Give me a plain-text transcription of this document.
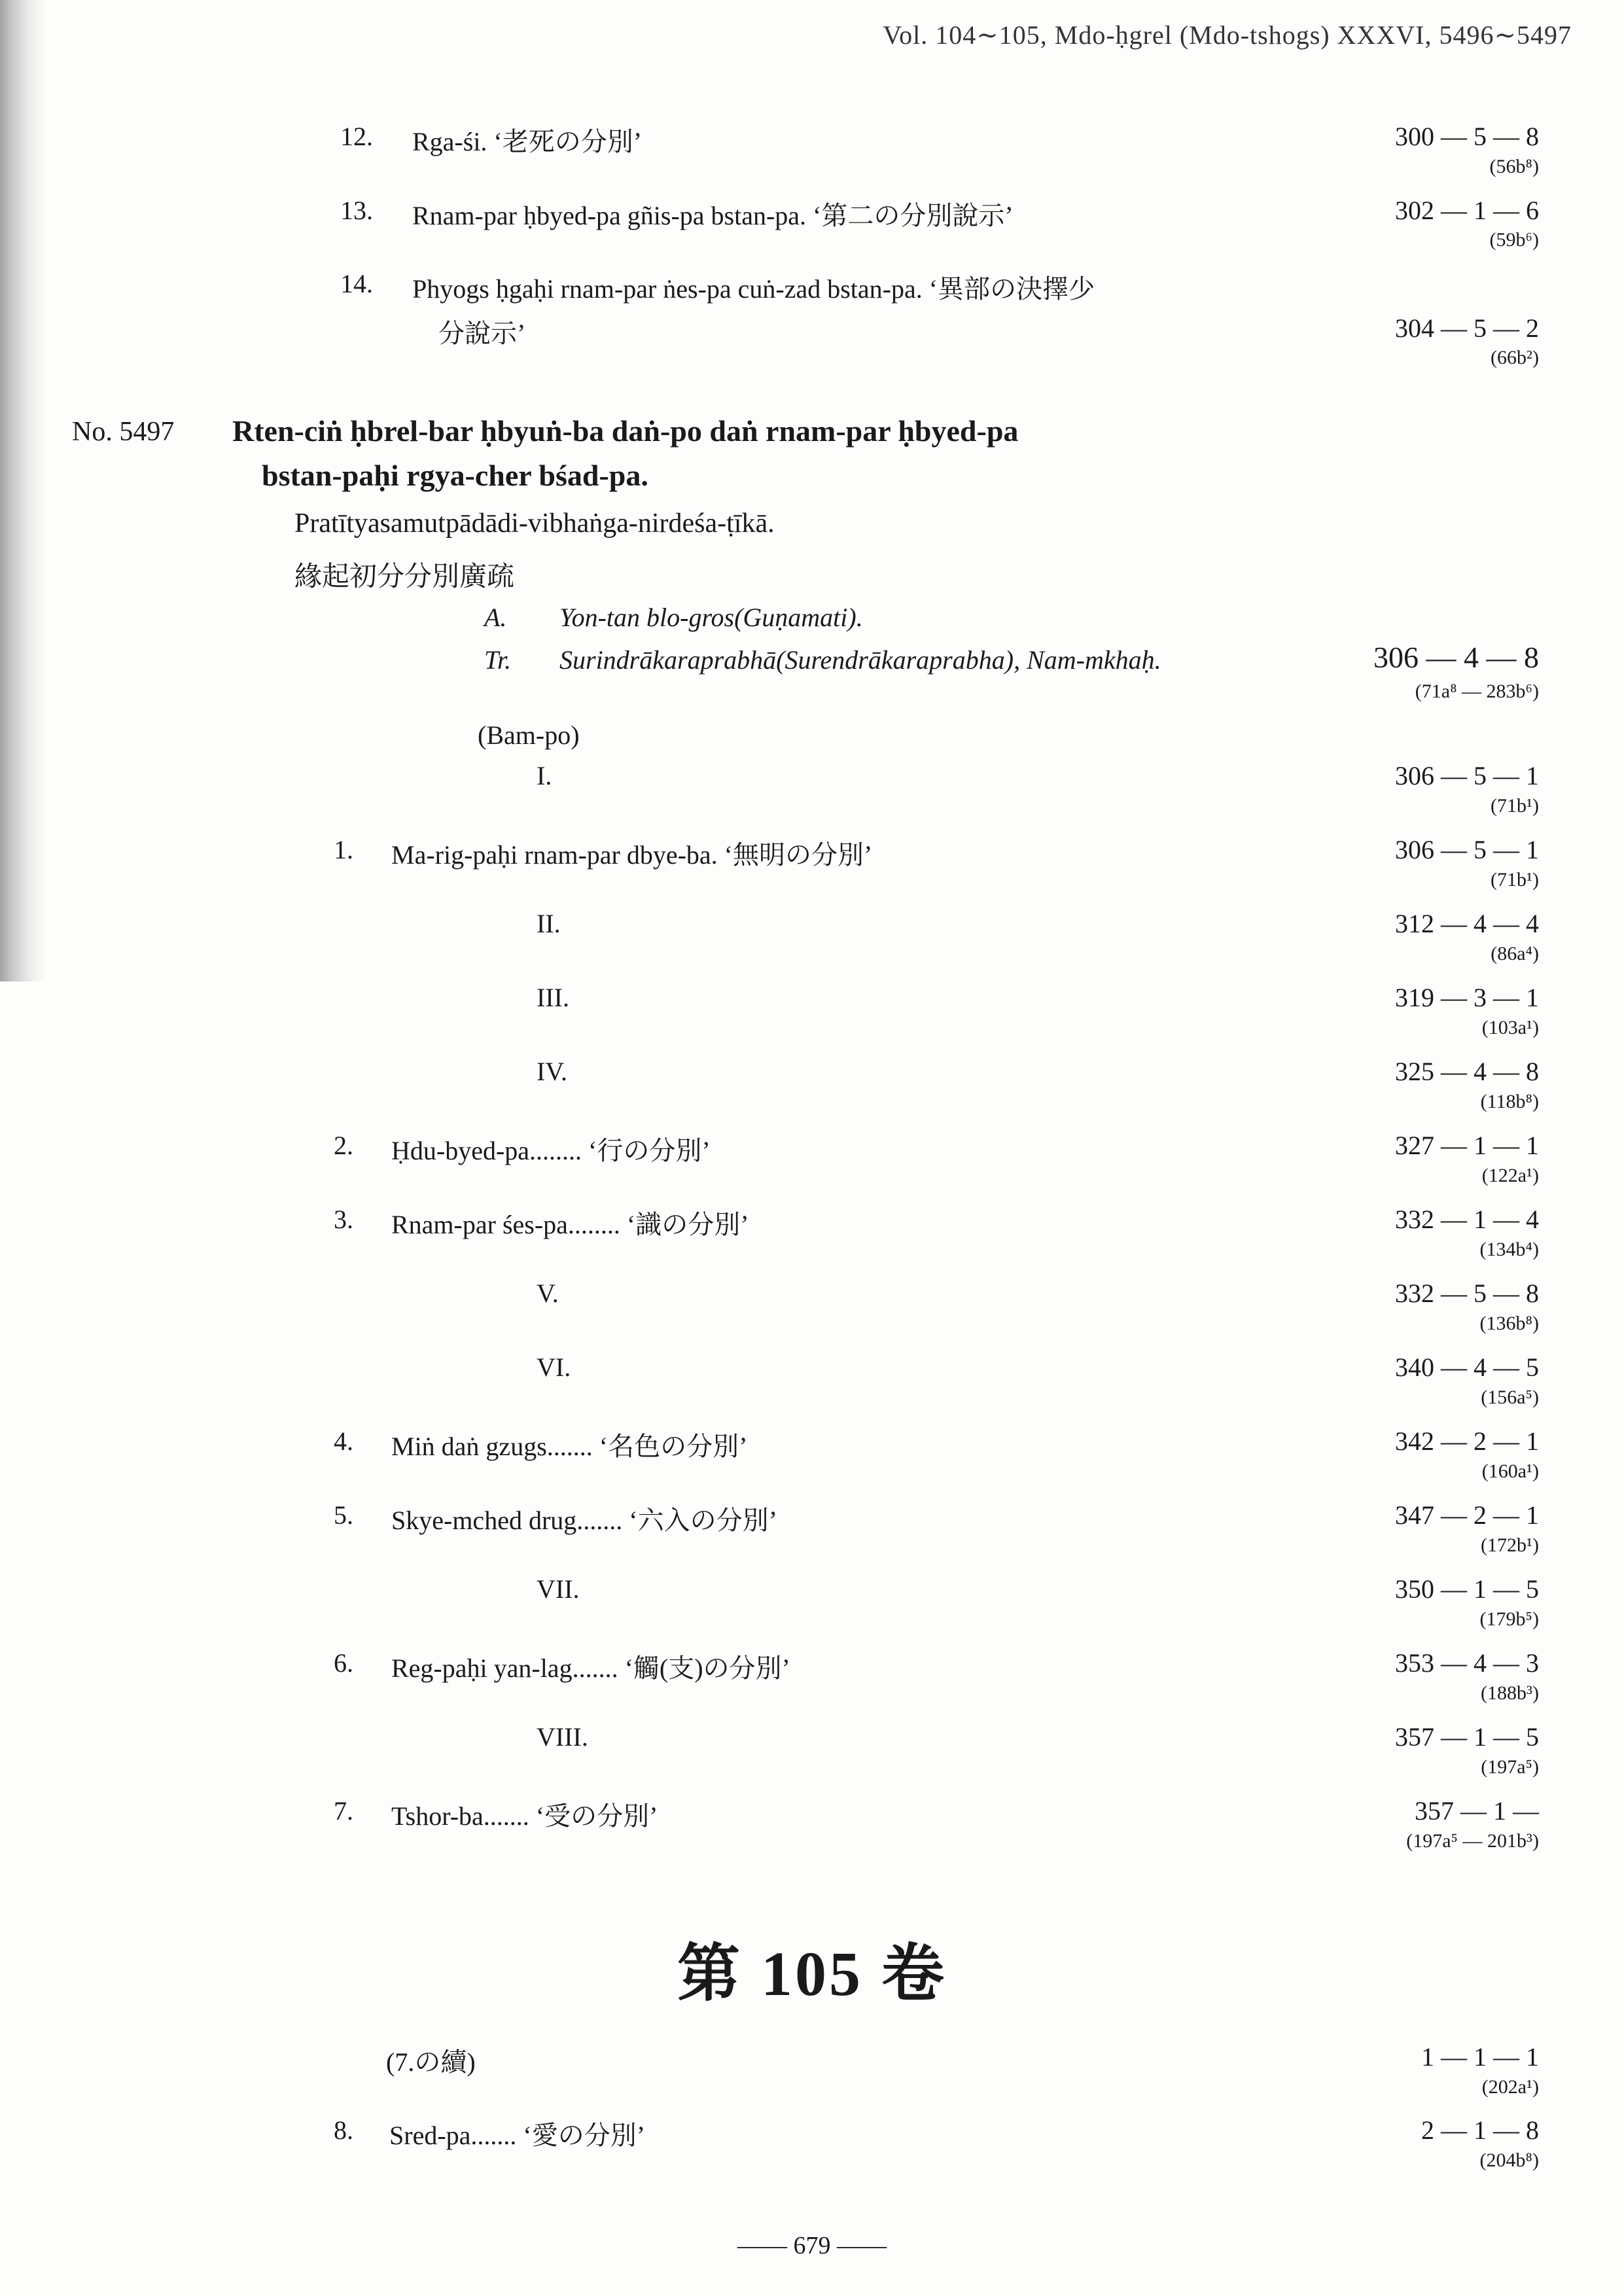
Vol. 104∼105, Mdo-ḥgrel (Mdo-tshogs) XXXVI, 5496∼5497
12. Rga-śi. ‘老死の分別’	300 — 5 — 8
(56b⁸)
13. Rnam-par ḥbyed-pa gñis-pa bstan-pa. ‘第二の分別說示’	302 — 1 — 6
(59b⁶)
14. Phyogs ḥgaḥi rnam-par ṅes-pa cuṅ-zad bstan-pa. ‘異部の決擇少
分說示’	304 — 5 — 2
(66b²)
No. 5497 Rten-ciṅ ḥbrel-bar ḥbyuṅ-ba daṅ-po daṅ rnam-par ḥbyed-pa
bstan-paḥi rgya-cher bśad-pa.
Pratītyasamutpādādi-vibhaṅga-nirdeśa-ṭīkā.
緣起初分分別廣疏
A. Yon-tan blo-gros(Guṇamati).
Tr. Surindrākaraprabhā(Surendrākaraprabha), Nam-mkhaḥ.	306 — 4 — 8
(71a⁸ — 283b⁶)
(Bam-po)
I.	306 — 5 — 1
(71b¹)
1. Ma-rig-paḥi rnam-par dbye-ba. ‘無明の分別’	306 — 5 — 1
(71b¹)
II.	312 — 4 — 4
(86a⁴)
III.	319 — 3 — 1
(103a¹)
IV.	325 — 4 — 8
(118b⁸)
2. Ḥdu-byed-pa........ ‘行の分別’	327 — 1 — 1
(122a¹)
3. Rnam-par śes-pa........ ‘識の分別’	332 — 1 — 4
(134b⁴)
V.	332 — 5 — 8
(136b⁸)
VI.	340 — 4 — 5
(156a⁵)
4. Miṅ daṅ gzugs....... ‘名色の分別’	342 — 2 — 1
(160a¹)
5. Skye-mched drug....... ‘六入の分別’	347 — 2 — 1
(172b¹)
VII.	350 — 1 — 5
(179b⁵)
6. Reg-paḥi yan-lag....... ‘觸(支)の分別’	353 — 4 — 3
(188b³)
VIII.	357 — 1 — 5
(197a⁵)
7. Tshor-ba....... ‘受の分別’	357 — 1 —
(197a⁵ — 201b³)
第 105 卷
(7.の續)	1 — 1 — 1
(202a¹)
8. Sred-pa....... ‘愛の分別’	2 — 1 — 8
(204b⁸)
—— 679 ——
